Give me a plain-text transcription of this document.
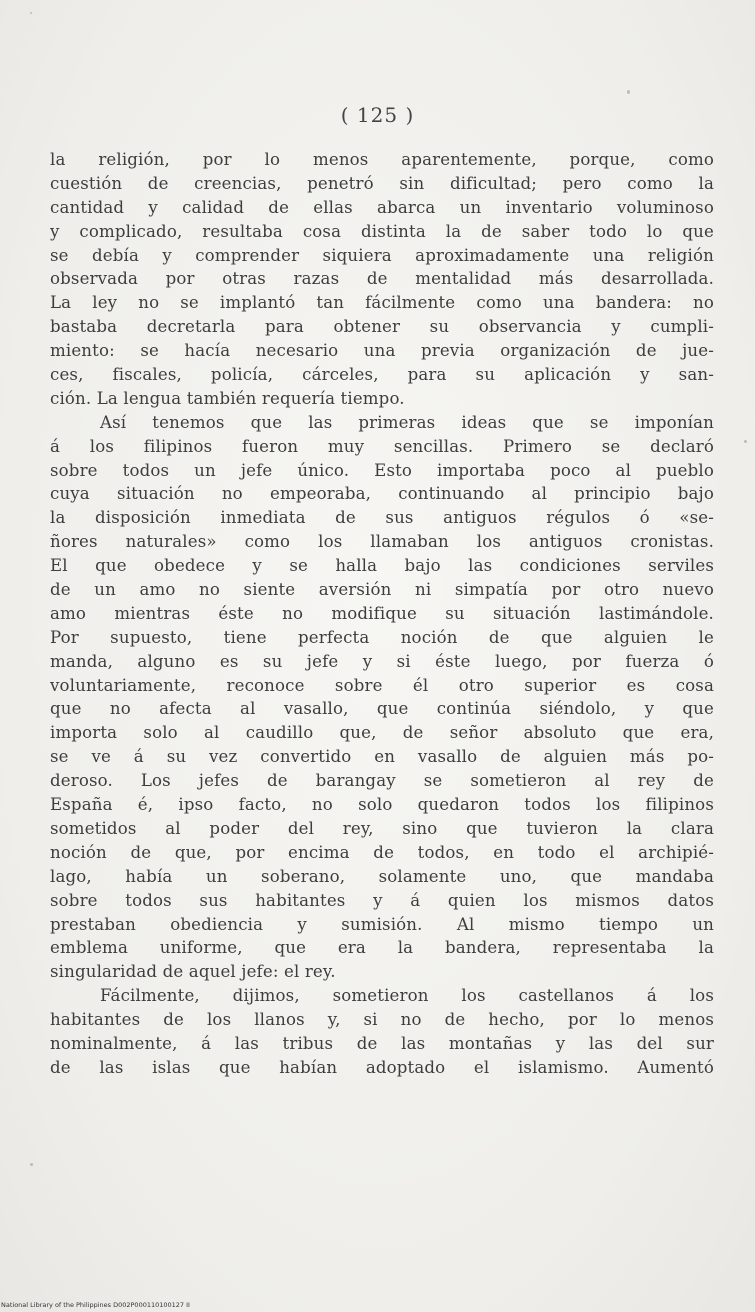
( 125 )
la religión, por lo menos aparentemente, porque, como
cuestión de creencias, penetró sin dificultad; pero como la
cantidad y calidad de ellas abarca un inventario voluminoso
y complicado, resultaba cosa distinta la de saber todo lo que
se debía y comprender siquiera aproximadamente una religión
observada por otras razas de mentalidad más desarrollada.
La ley no se implantó tan fácilmente como una bandera: no
bastaba decretarla para obtener su observancia y cumpli-
miento: se hacía necesario una previa organización de jue-
ces, fiscales, policía, cárceles, para su aplicación y san-
ción. La lengua también requería tiempo.
Así tenemos que las primeras ideas que se imponían
á los filipinos fueron muy sencillas. Primero se declaró
sobre todos un jefe único. Esto importaba poco al pueblo
cuya situación no empeoraba, continuando al principio bajo
la disposición inmediata de sus antiguos régulos ó «se-
ñores naturales» como los llamaban los antiguos cronistas.
El que obedece y se halla bajo las condiciones serviles
de un amo no siente aversión ni simpatía por otro nuevo
amo mientras éste no modifique su situación lastimándole.
Por supuesto, tiene perfecta noción de que alguien le
manda, alguno es su jefe y si éste luego, por fuerza ó
voluntariamente, reconoce sobre él otro superior es cosa
que no afecta al vasallo, que continúa siéndolo, y que
importa solo al caudillo que, de señor absoluto que era,
se ve á su vez convertido en vasallo de alguien más po-
deroso. Los jefes de barangay se sometieron al rey de
España é, ipso facto, no solo quedaron todos los filipinos
sometidos al poder del rey, sino que tuvieron la clara
noción de que, por encima de todos, en todo el archipié-
lago, había un soberano, solamente uno, que mandaba
sobre todos sus habitantes y á quien los mismos datos
prestaban obediencia y sumisión. Al mismo tiempo un
emblema uniforme, que era la bandera, representaba la
singularidad de aquel jefe: el rey.
Fácilmente, dijimos, sometieron los castellanos á los
habitantes de los llanos y, si no de hecho, por lo menos
nominalmente, á las tribus de las montañas y las del sur
de las islas que habían adoptado el islamismo. Aumentó
National Library of the Philippines D002P000110100127 II
